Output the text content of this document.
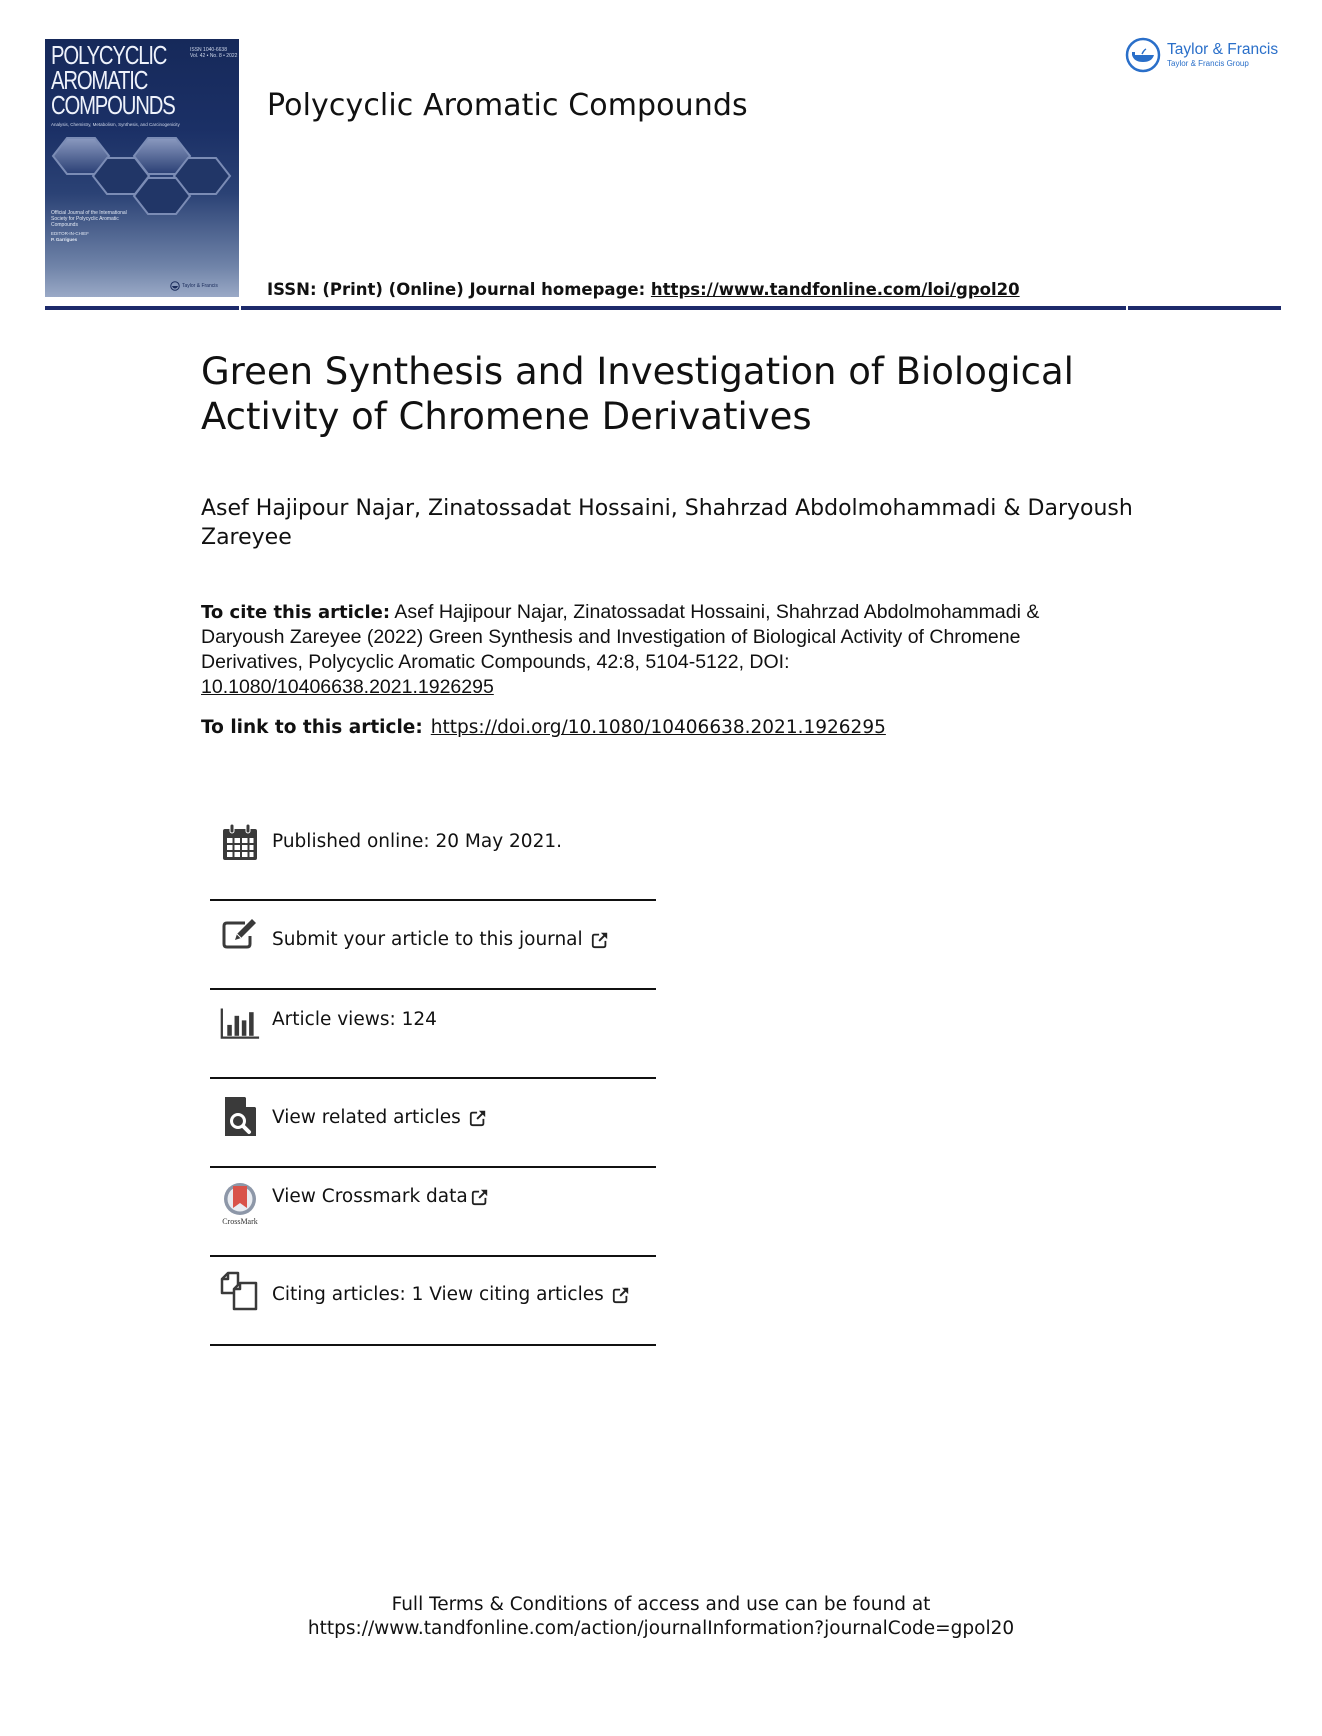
POLYCYCLIC
AROMATIC
COMPOUNDS
ISSN 1040-6638
Vol. 42 • No. 8 • 2022
Analysis, Chemistry, Metabolism, Synthesis, and Carcinogenicity
Official Journal of the International
Society for Polycyclic Aromatic
Compounds
EDITOR-IN-CHIEF
P. Garrigues
Taylor & Francis
Polycyclic Aromatic Compounds
Taylor & Francis
Taylor & Francis Group
ISSN: (Print) (Online) Journal homepage: https://www.tandfonline.com/loi/gpol20
Green Synthesis and Investigation of Biological Activity of Chromene Derivatives
Asef Hajipour Najar, Zinatossadat Hossaini, Shahrzad Abdolmohammadi & Daryoush Zareyee
To cite this article: Asef Hajipour Najar, Zinatossadat Hossaini, Shahrzad Abdolmohammadi & Daryoush Zareyee (2022) Green Synthesis and Investigation of Biological Activity of Chromene Derivatives, Polycyclic Aromatic Compounds, 42:8, 5104-5122, DOI: 10.1080/10406638.2021.1926295
To link to this article: https://doi.org/10.1080/10406638.2021.1926295
Published online: 20 May 2021.
Submit your article to this journal
Article views: 124
View related articles
CrossMark
View Crossmark data
Citing articles: 1 View citing articles
Full Terms & Conditions of access and use can be found at
https://www.tandfonline.com/action/journalInformation?journalCode=gpol20
